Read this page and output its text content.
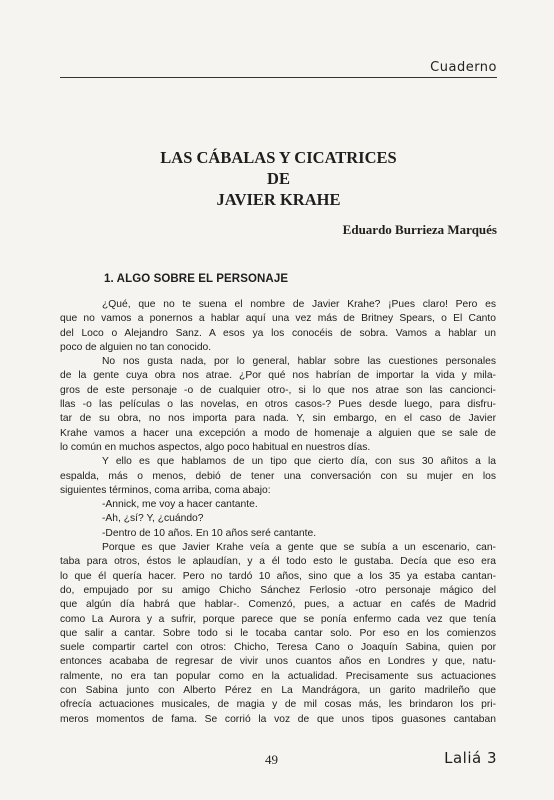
Cuaderno
LAS CÁBALAS Y CICATRICES
DE
JAVIER KRAHE
Eduardo Burrieza Marqués
1. ALGO SOBRE EL PERSONAJE
¿Qué, que no te suena el nombre de Javier Krahe? ¡Pues claro! Pero es
que no vamos a ponernos a hablar aquí una vez más de Britney Spears, o El Canto
del Loco o Alejandro Sanz. A esos ya los conocéis de sobra. Vamos a hablar un
poco de alguien no tan conocido.
No nos gusta nada, por lo general, hablar sobre las cuestiones personales
de la gente cuya obra nos atrae. ¿Por qué nos habrían de importar la vida y mila-
gros de este personaje -o de cualquier otro-, si lo que nos atrae son las cancionci-
llas -o las películas o las novelas, en otros casos-? Pues desde luego, para disfru-
tar de su obra, no nos importa para nada. Y, sin embargo, en el caso de Javier
Krahe vamos a hacer una excepción a modo de homenaje a alguien que se sale de
lo común en muchos aspectos, algo poco habitual en nuestros días.
Y ello es que hablamos de un tipo que cierto día, con sus 30 añitos a la
espalda, más o menos, debió de tener una conversación con su mujer en los
siguientes términos, coma arriba, coma abajo:
-Annick, me voy a hacer cantante.
-Ah, ¿sí? Y, ¿cuándo?
-Dentro de 10 años. En 10 años seré cantante.
Porque es que Javier Krahe veía a gente que se subía a un escenario, can-
taba para otros, éstos le aplaudían, y a él todo esto le gustaba. Decía que eso era
lo que él quería hacer. Pero no tardó 10 años, sino que a los 35 ya estaba cantan-
do, empujado por su amigo Chicho Sánchez Ferlosio -otro personaje mágico del
que algún día habrá que hablar-. Comenzó, pues, a actuar en cafés de Madrid
como La Aurora y a sufrir, porque parece que se ponía enfermo cada vez que tenía
que salir a cantar. Sobre todo si le tocaba cantar solo. Por eso en los comienzos
suele compartir cartel con otros: Chicho, Teresa Cano o Joaquín Sabina, quien por
entonces acababa de regresar de vivir unos cuantos años en Londres y que, natu-
ralmente, no era tan popular como en la actualidad. Precisamente sus actuaciones
con Sabina junto con Alberto Pérez en La Mandrágora, un garito madrileño que
ofrecía actuaciones musicales, de magia y de mil cosas más, les brindaron los pri-
meros momentos de fama. Se corrió la voz de que unos tipos guasones cantaban
49	Laliá 3
